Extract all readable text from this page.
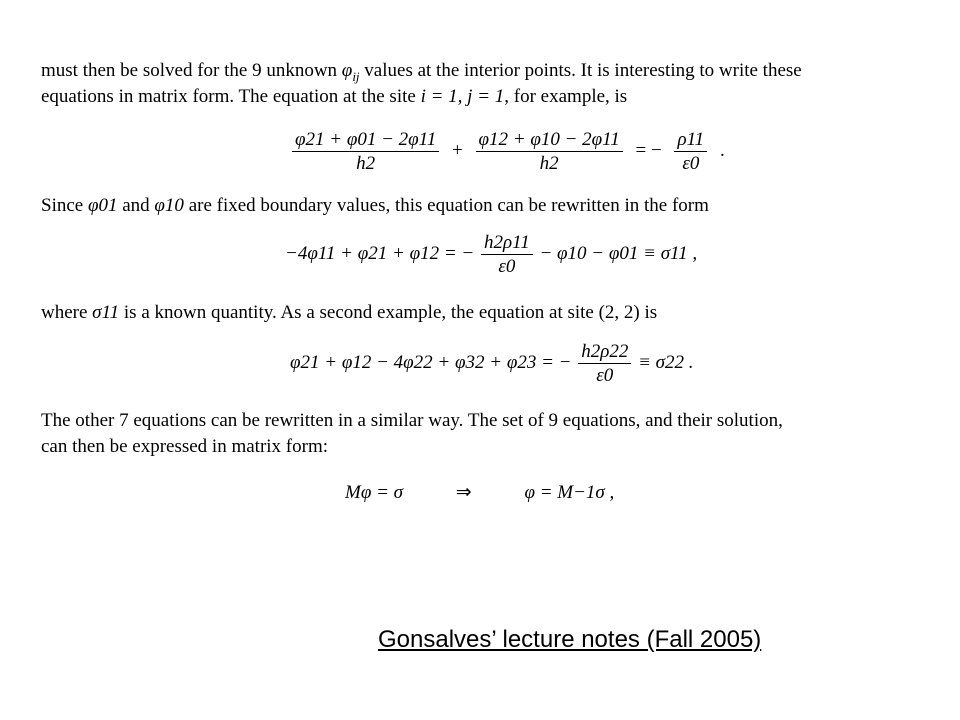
must then be solved for the 9 unknown $\varphi_{ij}$ values at the interior points. It is interesting to write these
equations in matrix form. The equation at the site i = 1, j = 1, for example, is

$\frac{\varphi 21 + \varphi 01 - 2\varphi 11}{h2} + \frac{\varphi 12 + \varphi 10 - 2\varphi 11}{h2}$ = − $\frac{\rho 11}{\varepsilon 0}$ .

Since φ01 and φ10 are fixed boundary values, this equation can be rewritten in the form

−4φ11 + φ21 + φ12 = − $\frac{h2\rho 11}{\varepsilon 0} - \varphi 10 - \varphi 01 \equiv \sigma 11$ ,

where σ11 is a known quantity. As a second example, the equation at site (2, 2) is

φ21 + φ12 − 4φ22 + φ32 + φ23 = − $\frac{h2\rho 22}{\varepsilon 0} \equiv \sigma 22$ .

The other 7 equations can be rewritten in a similar way. The set of 9 equations, and their solution,
can then be expressed in matrix form:

Mφ = σ	⇒	φ = M−1σ ,
Gonsalves’ lecture notes (Fall 2005)
